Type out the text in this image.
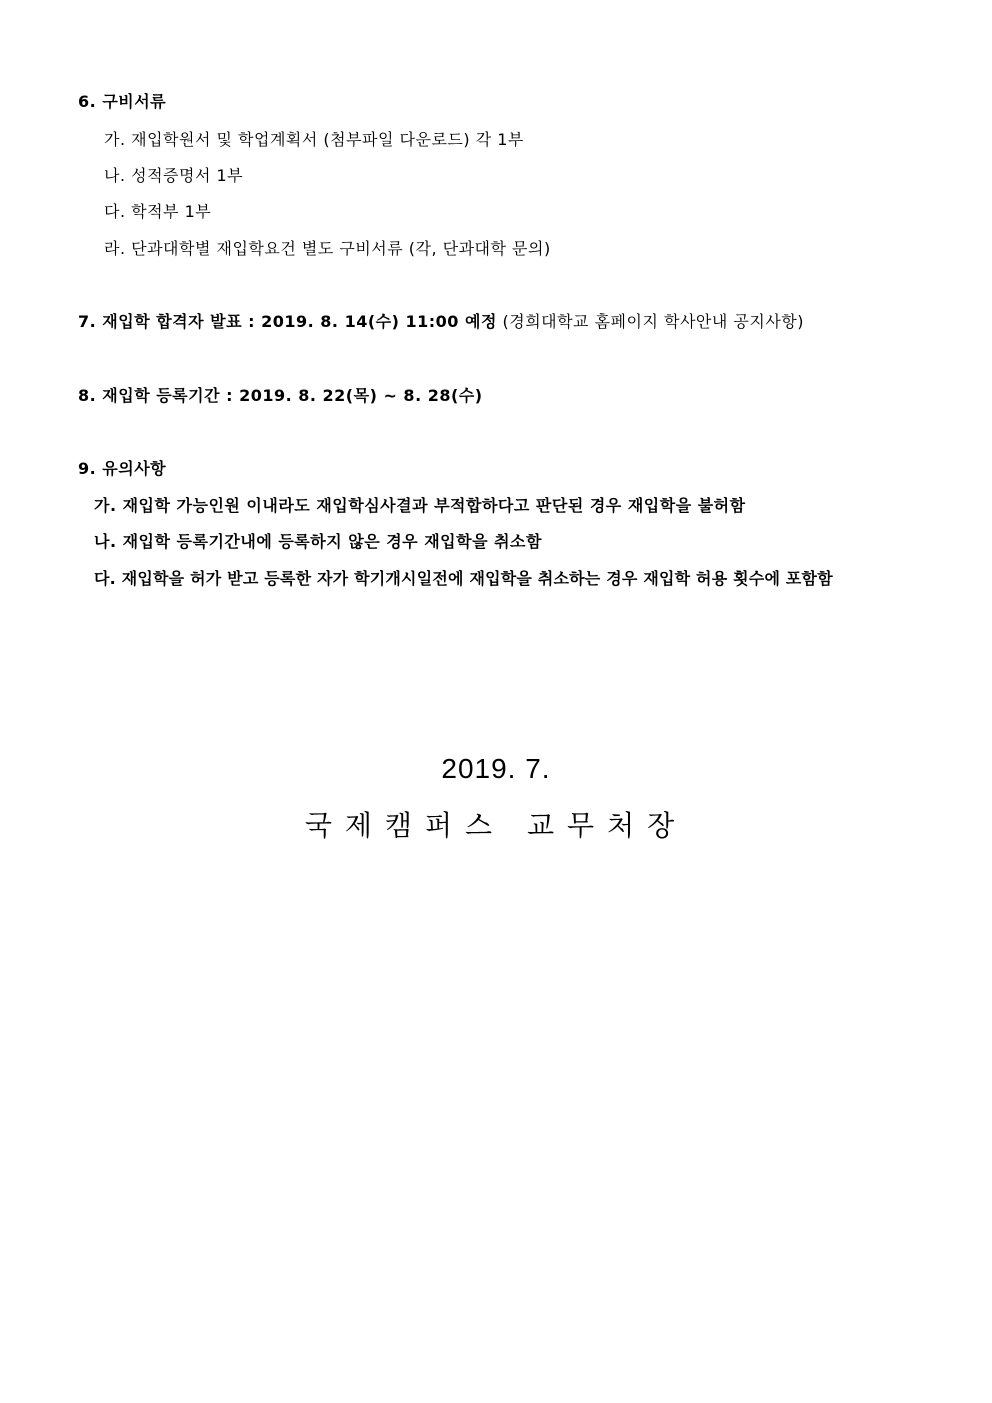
6. 구비서류
가. 재입학원서 및 학업계획서 (첨부파일 다운로드) 각 1부
나. 성적증명서 1부
다. 학적부 1부
라. 단과대학별 재입학요건 별도 구비서류 (각, 단과대학 문의)
7. 재입학 합격자 발표 : 2019. 8. 14(수) 11:00 예정 (경희대학교 홈페이지 학사안내 공지사항)
8. 재입학 등록기간 : 2019. 8. 22(목) ~ 8. 28(수)
9. 유의사항
가. 재입학 가능인원 이내라도 재입학심사결과 부적합하다고 판단된 경우 재입학을 불허함
나. 재입학 등록기간내에 등록하지 않은 경우 재입학을 취소함
다. 재입학을 허가 받고 등록한 자가 학기개시일전에 재입학을 취소하는 경우 재입학 허용 횟수에 포함함
2019. 7.
국제캠퍼스 교무처장
